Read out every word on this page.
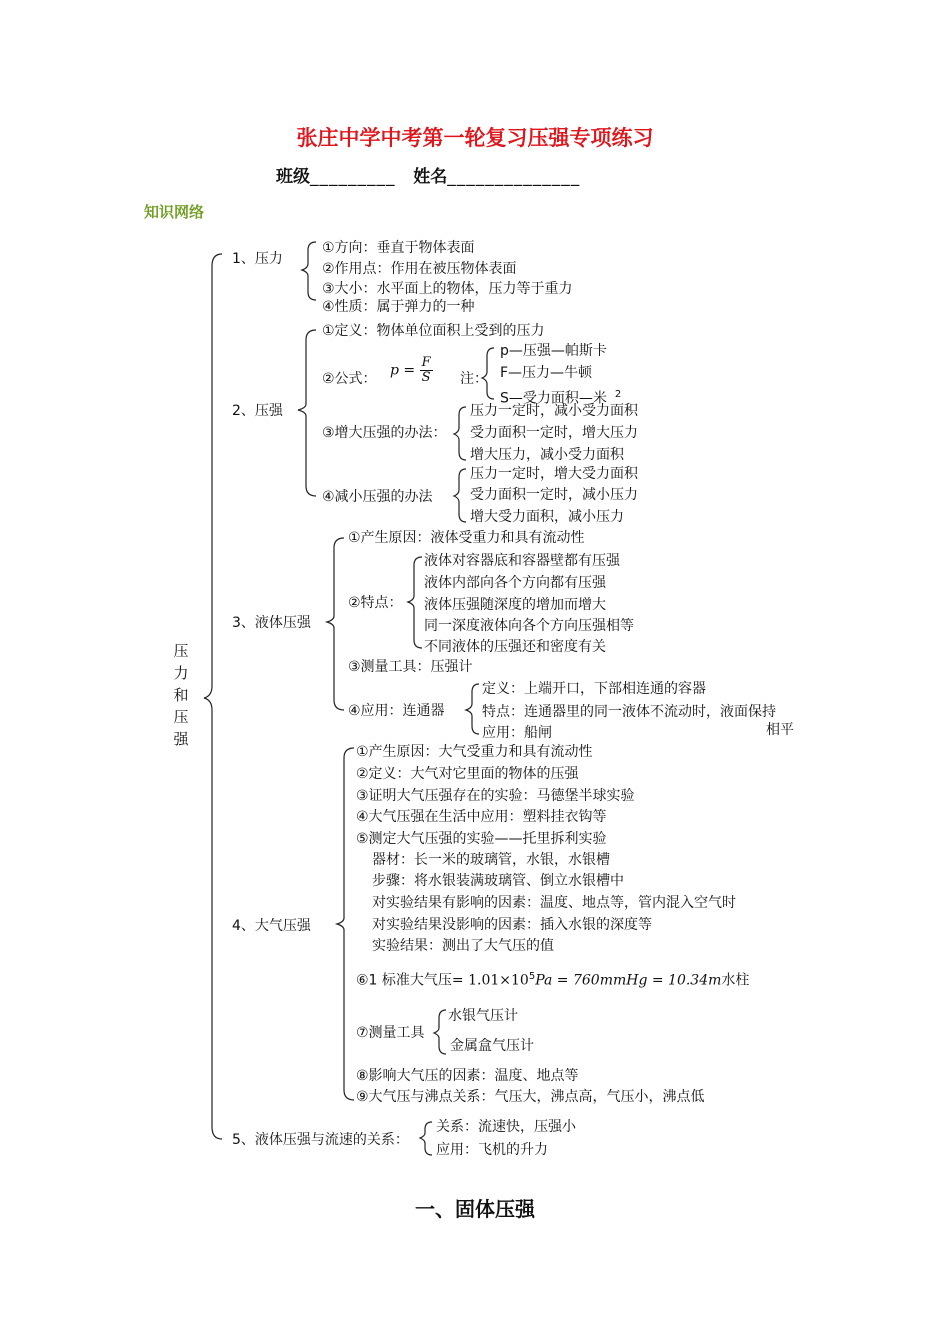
张庄中学中考第一轮复习压强专项练习
班级_________ 姓名______________
知识网络
压力和压强
1、压力
①方向：垂直于物体表面
②作用点：作用在被压物体表面
③大小：水平面上的物体，压力等于重力
④性质：属于弹力的一种
2、压强
①定义：物体单位面积上受到的压力
②公式：
$p = \frac{F}{S}$ 注：
p—压强—帕斯卡
F—压力—牛顿
S—受力面积—米 $^2$
③增大压强的办法：
压力一定时，减小受力面积
受力面积一定时，增大压力
增大压力，减小受力面积
④减小压强的办法
压力一定时，增大受力面积
受力面积一定时，减小压力
增大受力面积，减小压力
3、液体压强
①产生原因：液体受重力和具有流动性
②特点：
液体对容器底和容器壁都有压强
液体内部向各个方向都有压强
液体压强随深度的增加而增大
同一深度液体向各个方向压强相等
不同液体的压强还和密度有关
③测量工具：压强计
④应用：连通器
定义：上端开口，下部相连通的容器
特点：连通器里的同一液体不流动时，液面保持
相平
应用：船闸
4、大气压强
①产生原因：大气受重力和具有流动性
②定义：大气对它里面的物体的压强
③证明大气压强存在的实验：马德堡半球实验
④大气压强在生活中应用：塑料挂衣钩等
⑤测定大气压强的实验——托里拆利实验
器材：长一米的玻璃管，水银，水银槽
步骤：将水银装满玻璃管、倒立水银槽中
对实验结果有影响的因素：温度、地点等，管内混入空气时
对实验结果没影响的因素：插入水银的深度等
实验结果：测出了大气压的值
⑥1 标准大气压= $1.01\times 10^5Pa$ = 760mmHg = 10.34m水柱
⑦测量工具
水银气压计
金属盒气压计
⑧影响大气压的因素：温度、地点等
⑨大气压与沸点关系：气压大，沸点高，气压小，沸点低
5、液体压强与流速的关系：
关系：流速快，压强小
应用：飞机的升力
一、固体压强
